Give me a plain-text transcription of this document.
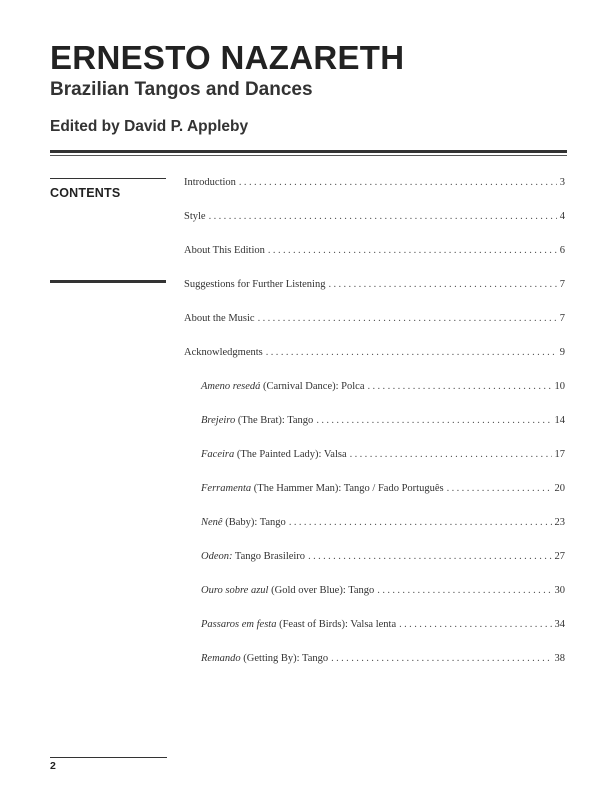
ERNESTO NAZARETH
Brazilian Tangos and Dances
Edited by David P. Appleby

CONTENTS

Introduction .....	3
Style .....	4
About This Edition .....	6
Suggestions for Further Listening .....	7
About the Music .....	7
Acknowledgments .....	9
Ameno resedá (Carnival Dance): Polca .....	10
Brejeiro (The Brat): Tango .....	14
Faceira (The Painted Lady): Valsa .....	17
Ferramenta (The Hammer Man): Tango / Fado Português .....	20
Nenê (Baby): Tango .....	23
Odeon: Tango Brasileiro .....	27
Ouro sobre azul (Gold over Blue): Tango .....	30
Passaros em festa (Feast of Birds): Valsa lenta .....	34
Remando (Getting By): Tango .....	38

2
